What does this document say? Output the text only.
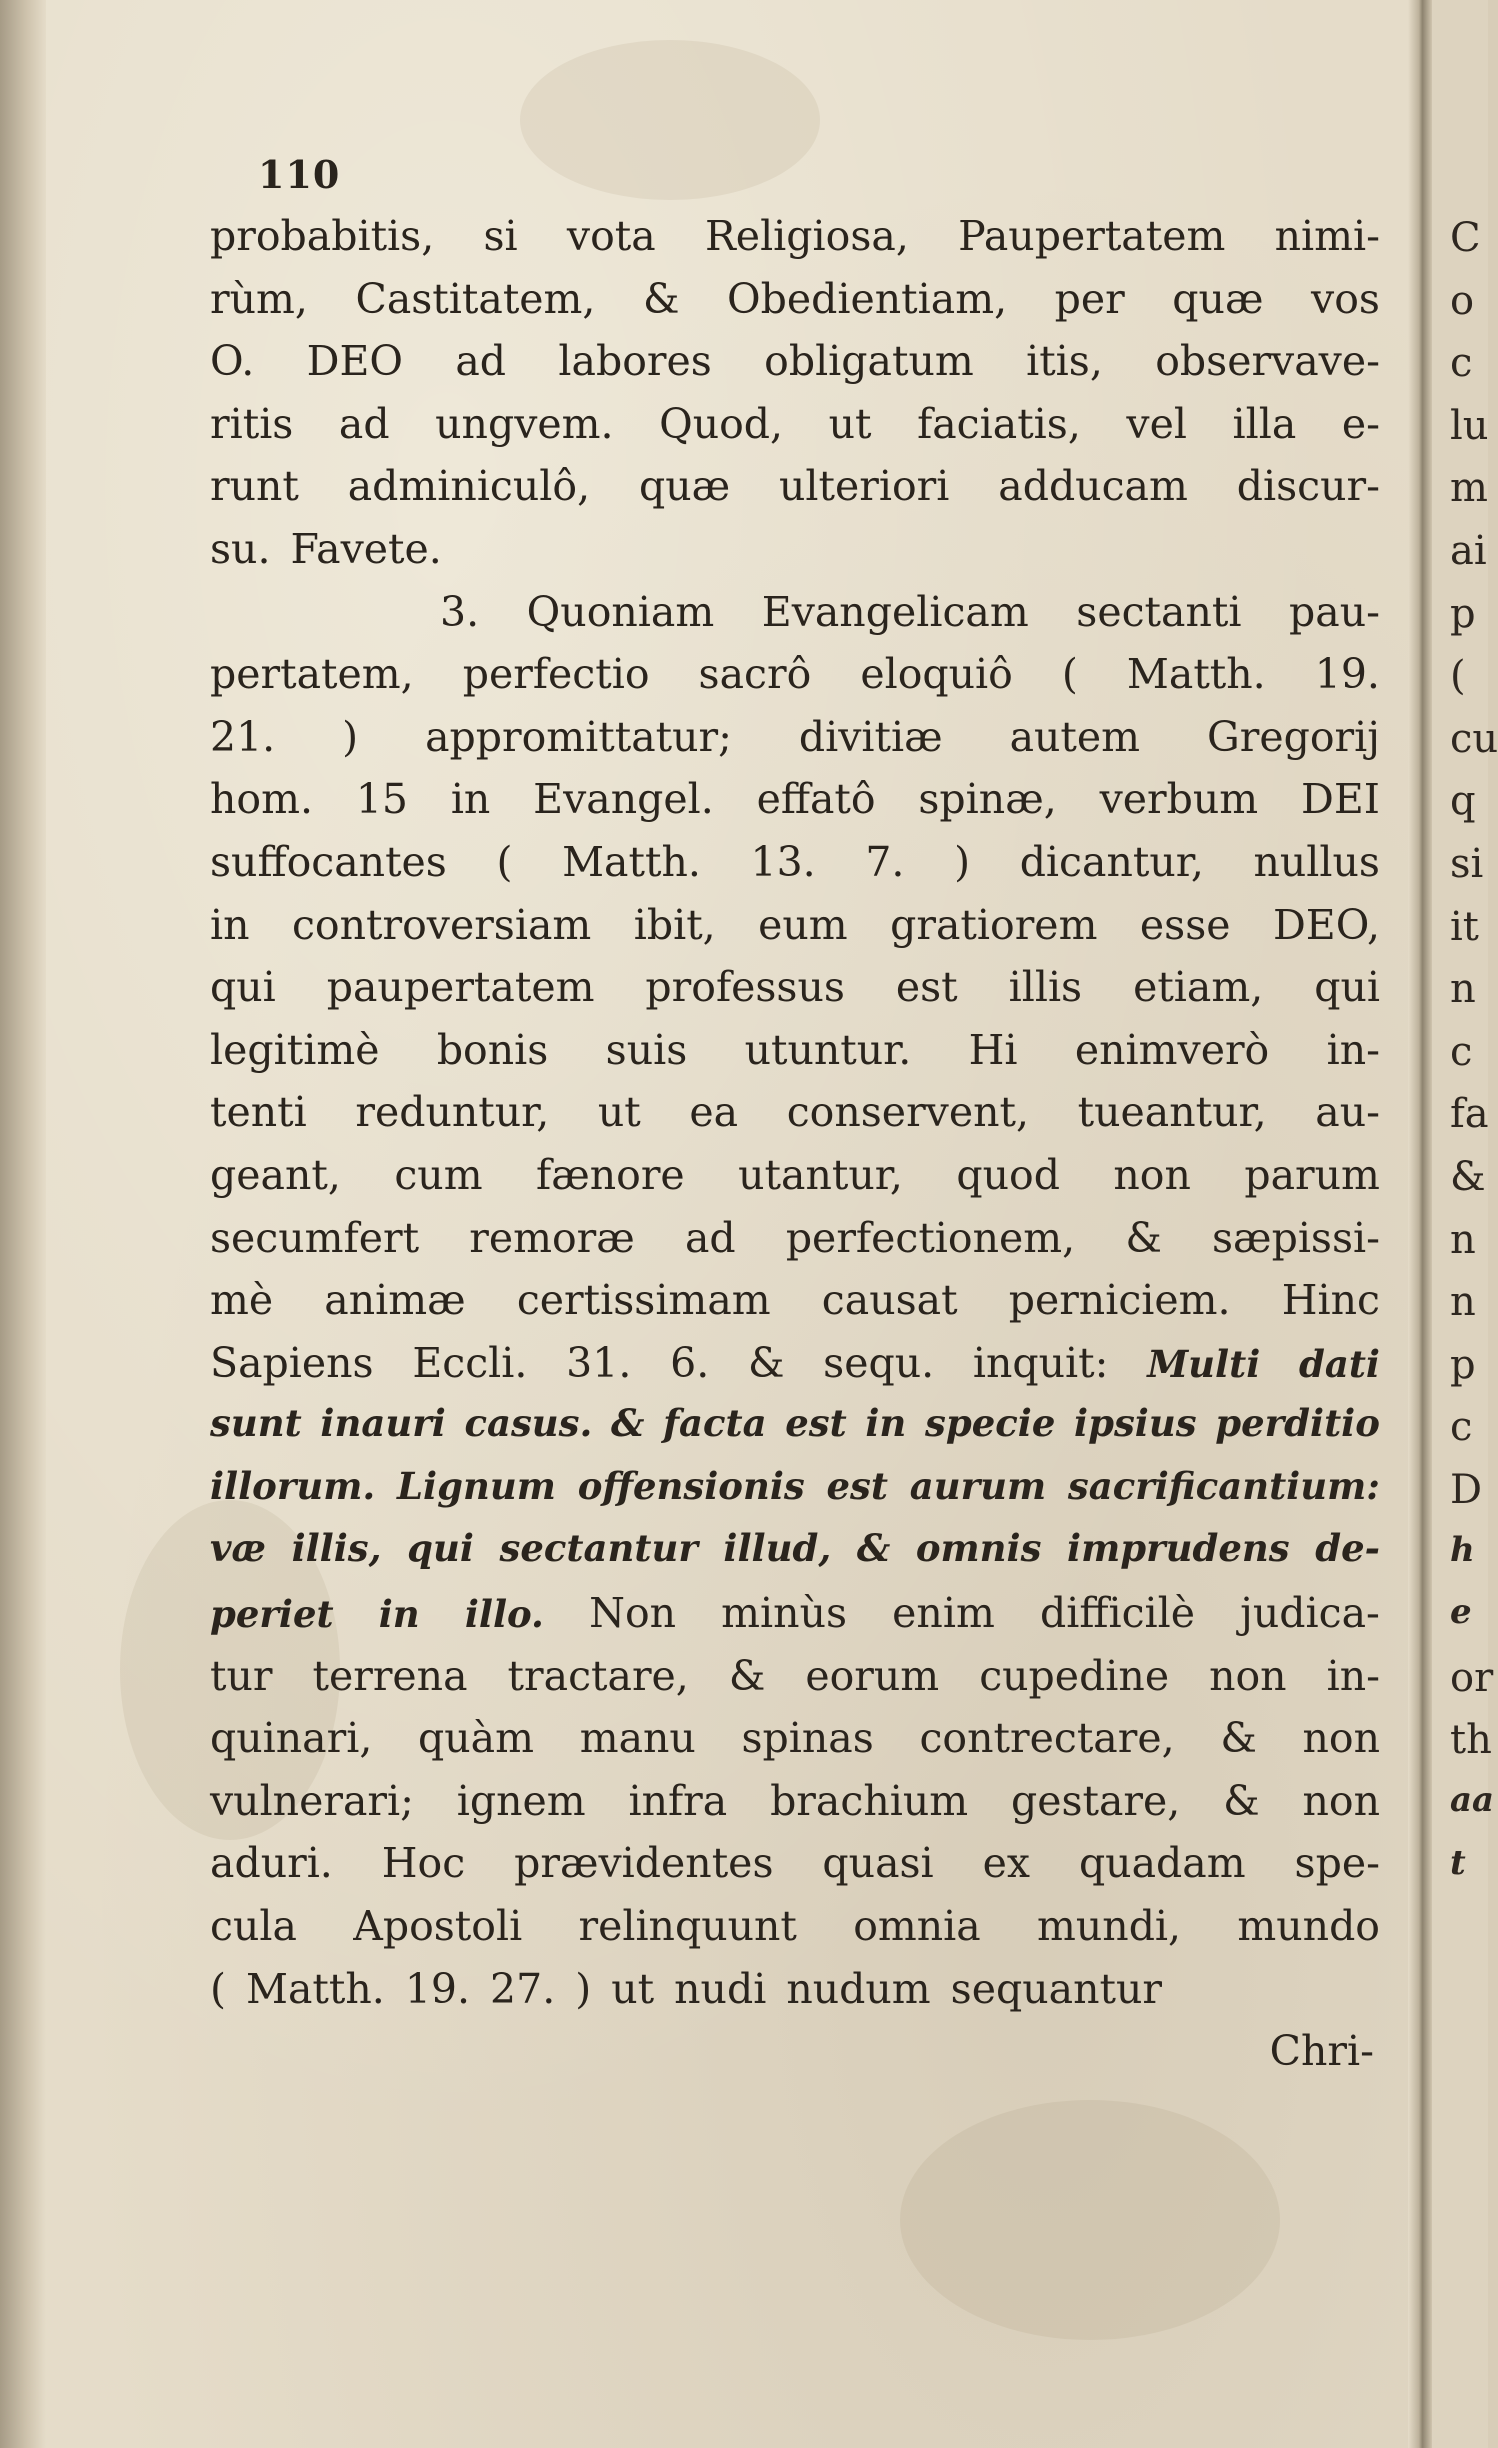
110
probabitis, si vota Religiosa, Paupertatem nimi-
rùm, Castitatem, & Obedientiam, per quæ vos
O. DEO ad labores obligatum itis, observave-
ritis ad ungvem. Quod, ut faciatis, vel illa e-
runt adminiculô, quæ ulteriori adducam discur-
su. Favete.
3. Quoniam Evangelicam sectanti pau-
pertatem, perfectio sacrô eloquiô ( Matth. 19.
21. ) appromittatur; divitiæ autem Gregorij
hom. 15 in Evangel. effatô spinæ, verbum DEI
suffocantes ( Matth. 13. 7. ) dicantur, nullus
in controversiam ibit, eum gratiorem esse DEO,
qui paupertatem professus est illis etiam, qui
legitimè bonis suis utuntur. Hi enimverò in-
tenti reduntur, ut ea conservent, tueantur, au-
geant, cum fænore utantur, quod non parum
secumfert remoræ ad perfectionem, & sæpissi-
mè animæ certissimam causat perniciem. Hinc
Sapiens Eccli. 31. 6. & sequ. inquit: Multi dati
sunt inauri casus. & facta est in specie ipsius perditio
illorum. Lignum offensionis est aurum sacrificantium:
væ illis, qui sectantur illud, & omnis imprudens de-
periet in illo. Non minùs enim difficilè judica-
tur terrena tractare, & eorum cupedine non in-
quinari, quàm manu spinas contrectare, & non
vulnerari; ignem infra brachium gestare, & non
aduri. Hoc prævidentes quasi ex quadam spe-
cula Apostoli relinquunt omnia mundi, mundo
( Matth. 19. 27. ) ut nudi nudum sequantur
Chri-
C
o
c
lu
m
ai
p
(
cu
q
si
it
n
c
fa
&
n
n
p
c
D
h
e
or
th
aa
t
